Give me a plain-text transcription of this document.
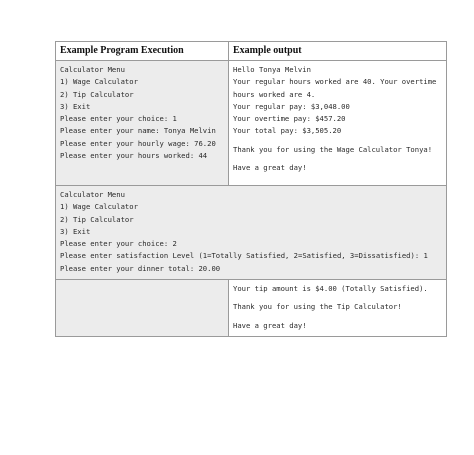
Example Program Execution	Example output
Calculator Menu
1) Wage Calculator
2) Tip Calculator
3) Exit
Please enter your choice: 1
Please enter your name: Tonya Melvin
Please enter your hourly wage: 76.20
Please enter your hours worked: 44
Hello Tonya Melvin
Your regular hours worked are 40. Your overtime
hours worked are 4.
Your regular pay: $3,048.00
Your overtime pay: $457.20
Your total pay: $3,505.20
Thank you for using the Wage Calculator Tonya!
Have a great day!
Calculator Menu
1) Wage Calculator
2) Tip Calculator
3) Exit
Please enter your choice: 2
Please enter satisfaction Level (1=Totally Satisfied, 2=Satisfied, 3=Dissatisfied): 1
Please enter your dinner total: 20.00
Your tip amount is $4.00 (Totally Satisfied).
Thank you for using the Tip Calculator!
Have a great day!
